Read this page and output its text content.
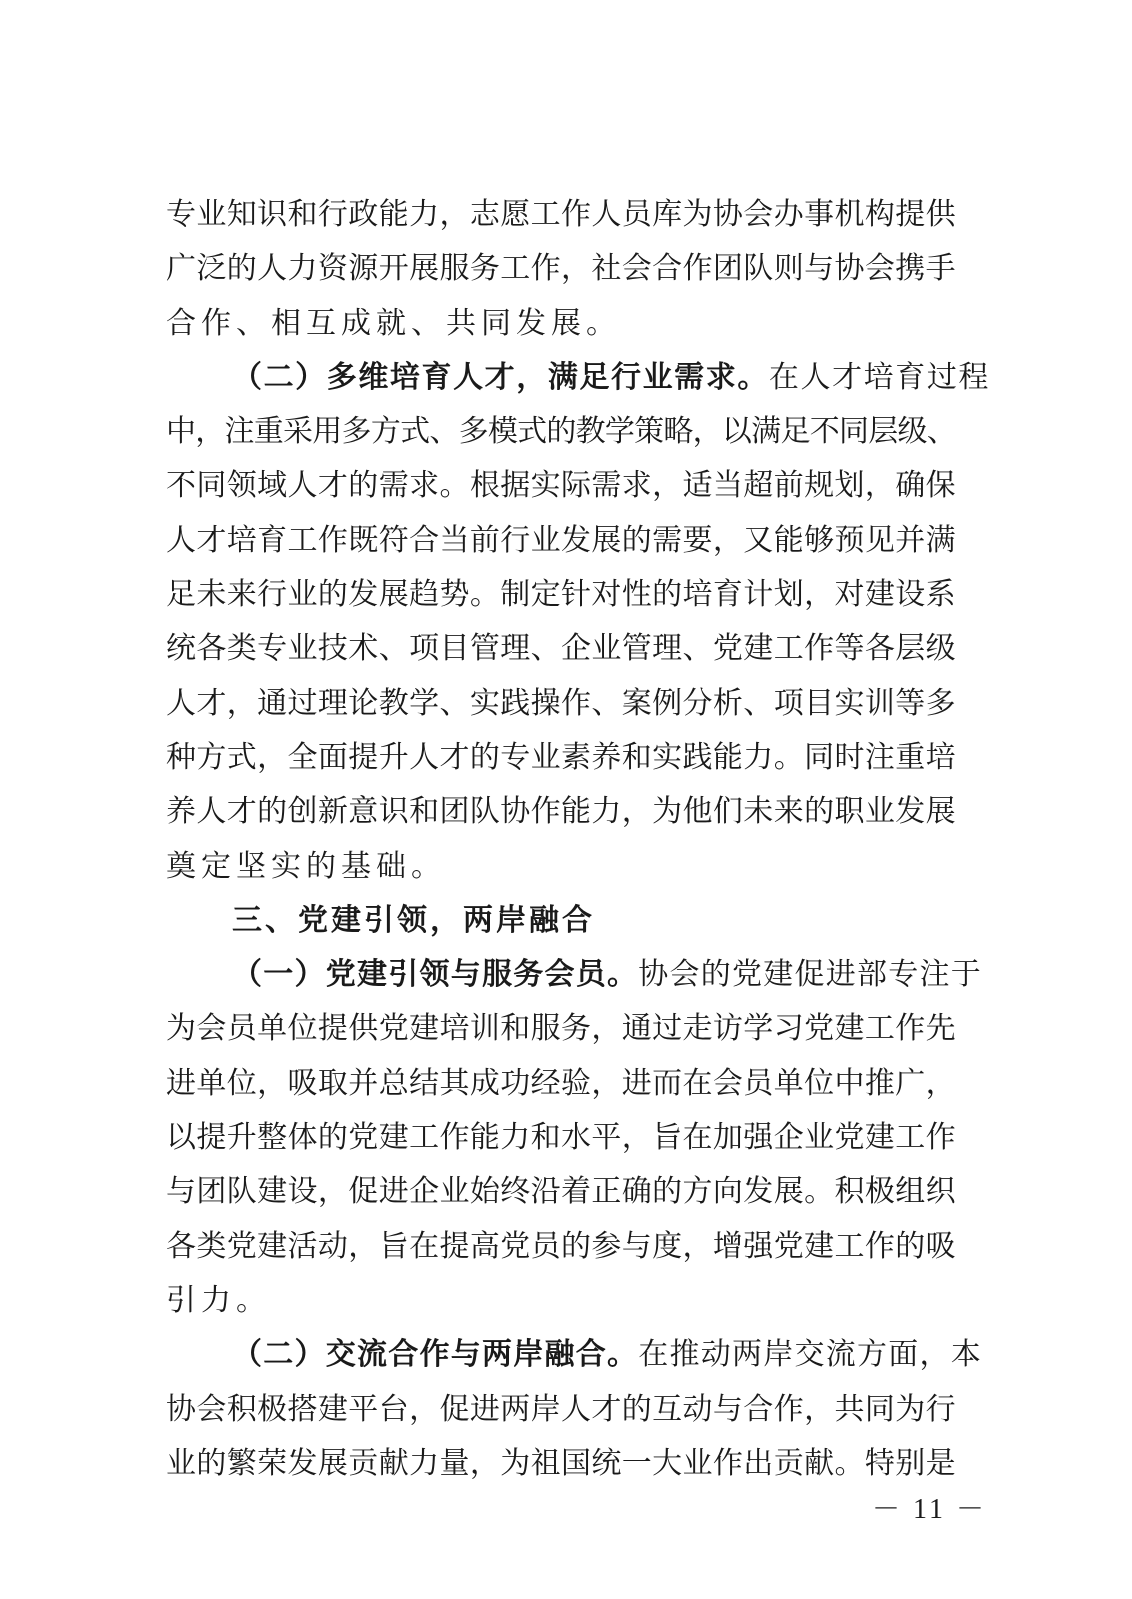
专业知识和行政能力，志愿工作人员库为协会办事机构提供
广泛的人力资源开展服务工作，社会合作团队则与协会携手
合作、相互成就、共同发展。
（二）多维培育人才，满足行业需求。在人才培育过程
中，注重采用多方式、多模式的教学策略，以满足不同层级、
不同领域人才的需求。根据实际需求，适当超前规划，确保
人才培育工作既符合当前行业发展的需要，又能够预见并满
足未来行业的发展趋势。制定针对性的培育计划，对建设系
统各类专业技术、项目管理、企业管理、党建工作等各层级
人才，通过理论教学、实践操作、案例分析、项目实训等多
种方式，全面提升人才的专业素养和实践能力。同时注重培
养人才的创新意识和团队协作能力，为他们未来的职业发展
奠定坚实的基础。
三、党建引领，两岸融合
（一）党建引领与服务会员。协会的党建促进部专注于
为会员单位提供党建培训和服务，通过走访学习党建工作先
进单位，吸取并总结其成功经验，进而在会员单位中推广，
以提升整体的党建工作能力和水平，旨在加强企业党建工作
与团队建设，促进企业始终沿着正确的方向发展。积极组织
各类党建活动，旨在提高党员的参与度，增强党建工作的吸
引力。
（二）交流合作与两岸融合。在推动两岸交流方面，本
协会积极搭建平台，促进两岸人才的互动与合作，共同为行
业的繁荣发展贡献力量，为祖国统一大业作出贡献。特别是
－ 11 －
